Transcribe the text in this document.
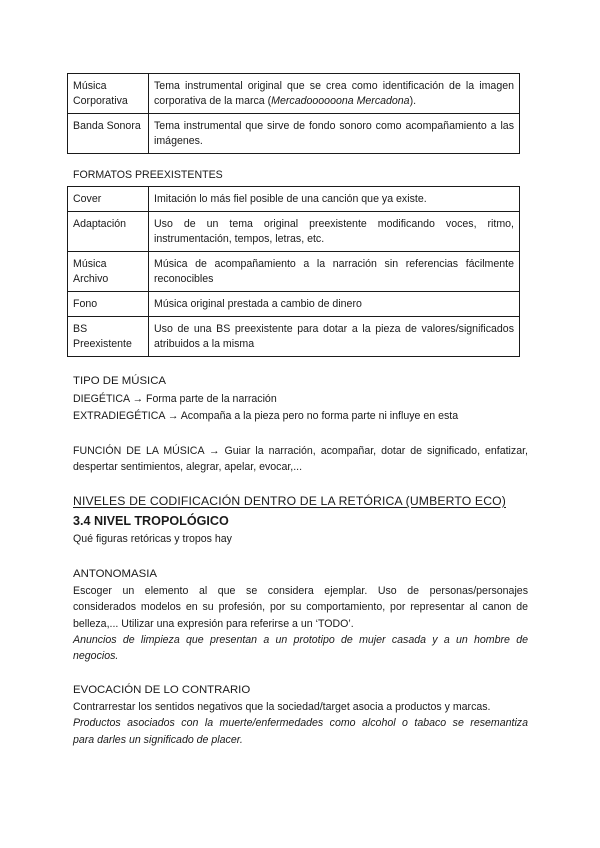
Música Corporativa	Tema instrumental original que se crea como identificación de la imagen corporativa de la marca (Mercadoooooona Mercadona).
Banda Sonora	Tema instrumental que sirve de fondo sonoro como acompañamiento a las imágenes.
FORMATOS PREEXISTENTES
Cover	Imitación lo más fiel posible de una canción que ya existe.
Adaptación	Uso de un tema original preexistente modificando voces, ritmo, instrumentación, tempos, letras, etc.
Música Archivo	Música de acompañamiento a la narración sin referencias fácilmente reconocibles
Fono	Música original prestada a cambio de dinero
BS Preexistente	Uso de una BS preexistente para dotar a la pieza de valores/significados atribuidos a la misma
TIPO DE MÚSICA
DIEGÉTICA → Forma parte de la narración
EXTRADIEGÉTICA → Acompaña a la pieza pero no forma parte ni influye en esta
FUNCIÓN DE LA MÚSICA → Guiar la narración, acompañar, dotar de significado, enfatizar,
despertar sentimientos, alegrar, apelar, evocar,...
NIVELES DE CODIFICACIÓN DENTRO DE LA RETÓRICA (UMBERTO ECO)
3.4 NIVEL TROPOLÓGICO
Qué figuras retóricas y tropos hay
ANTONOMASIA
Escoger un elemento al que se considera ejemplar. Uso de personas/personajes
considerados modelos en su profesión, por su comportamiento, por representar al canon de
belleza,... Utilizar una expresión para referirse a un ‘TODO’.
Anuncios de limpieza que presentan a un prototipo de mujer casada y a un hombre de
negocios.
EVOCACIÓN DE LO CONTRARIO
Contrarrestar los sentidos negativos que la sociedad/target asocia a productos y marcas.
Productos asociados con la muerte/enfermedades como alcohol o tabaco se resemantiza
para darles un significado de placer.
